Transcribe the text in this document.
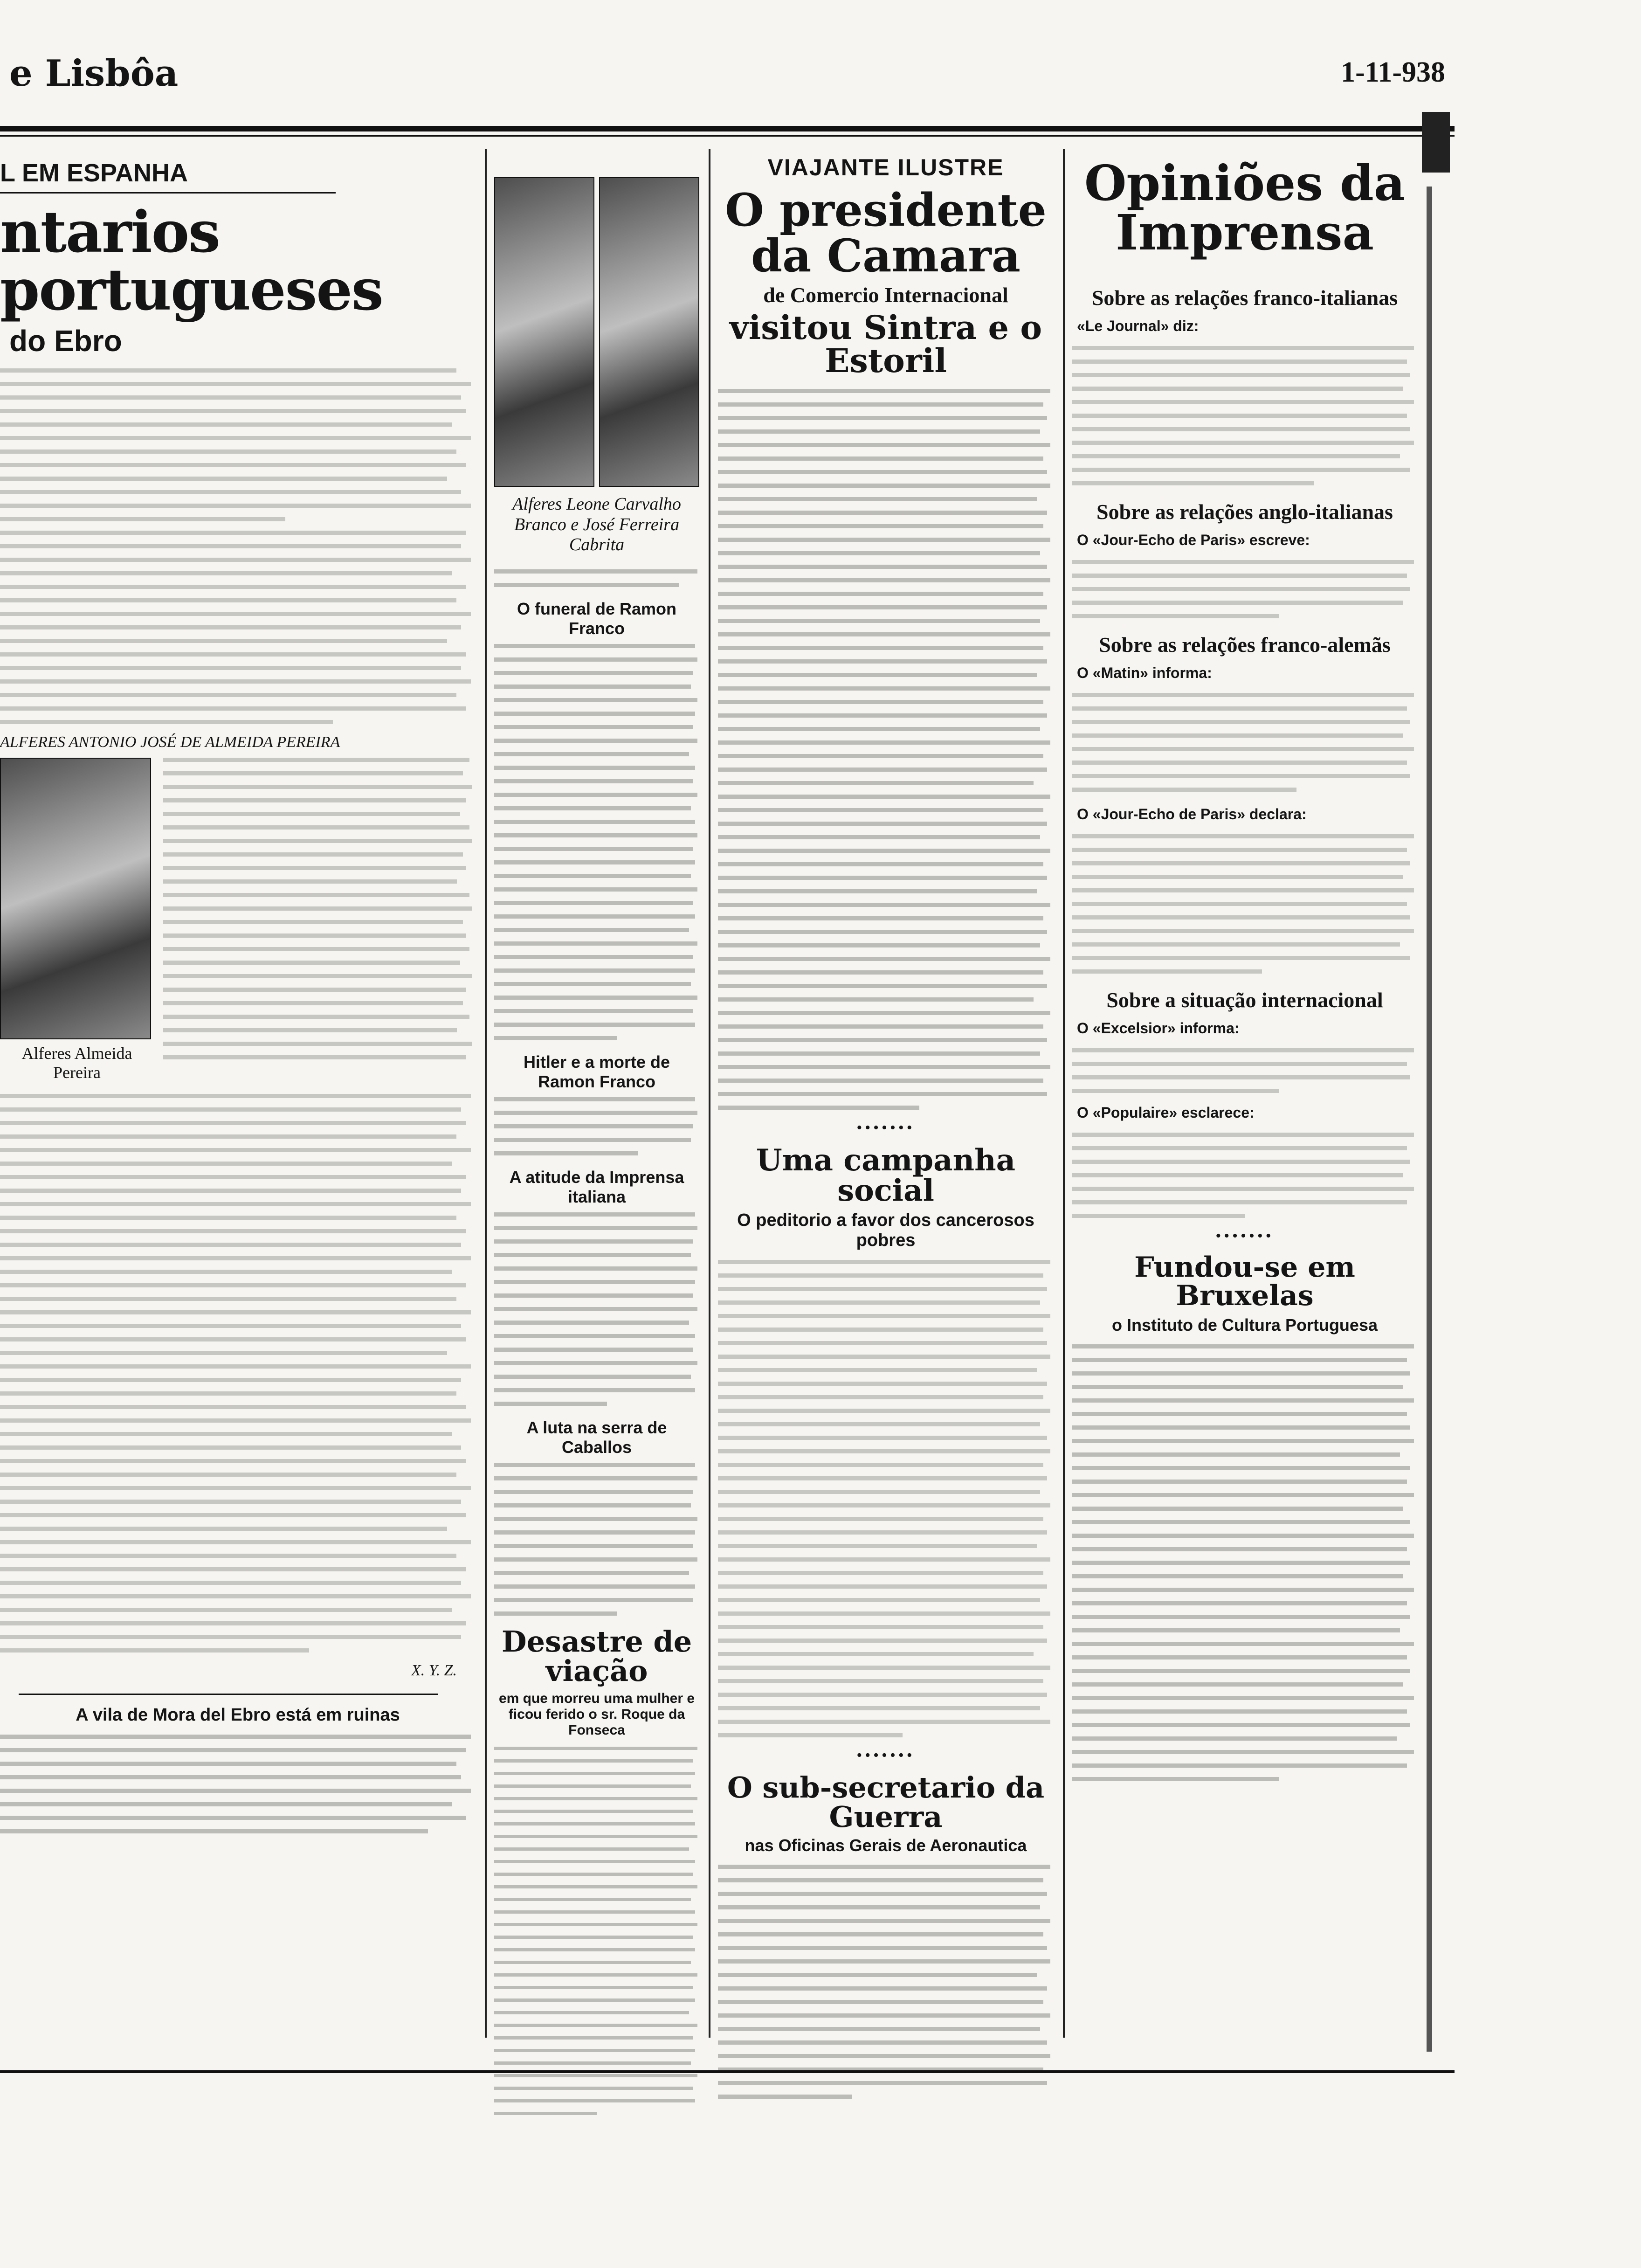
e Lisbôa	1-11-938
L EM ESPANHA
ntarios portugueses
do Ebro
ALFERES ANTONIO JOSÉ DE ALMEIDA PEREIRA
Alferes Almeida Pereira
X. Y. Z.
A vila de Mora del Ebro está em ruinas
Alferes Leone Carvalho Branco e José Ferreira Cabrita
O funeral de Ramon Franco
Hitler e a morte de Ramon Franco
A atitude da Imprensa italiana
A luta na serra de Caballos
Desastre de viação
em que morreu uma mulher e ficou ferido o sr. Roque da Fonseca
VIAJANTE ILUSTRE
O presidente da Camara
de Comercio Internacional
visitou Sintra e o Estoril
•••••••
Uma campanha social
O peditorio a favor dos cancerosos pobres
•••••••
O sub-secretario da Guerra
nas Oficinas Gerais de Aeronautica
Opiniões da Imprensa
Sobre as relações franco-italianas
«Le Journal» diz:
Sobre as relações anglo-italianas
O «Jour-Echo de Paris» escreve:
Sobre as relações franco-alemãs
O «Matin» informa:
O «Jour-Echo de Paris» declara:
Sobre a situação internacional
O «Excelsior» informa:
O «Populaire» esclarece:
•••••••
Fundou-se em Bruxelas
o Instituto de Cultura Portuguesa
